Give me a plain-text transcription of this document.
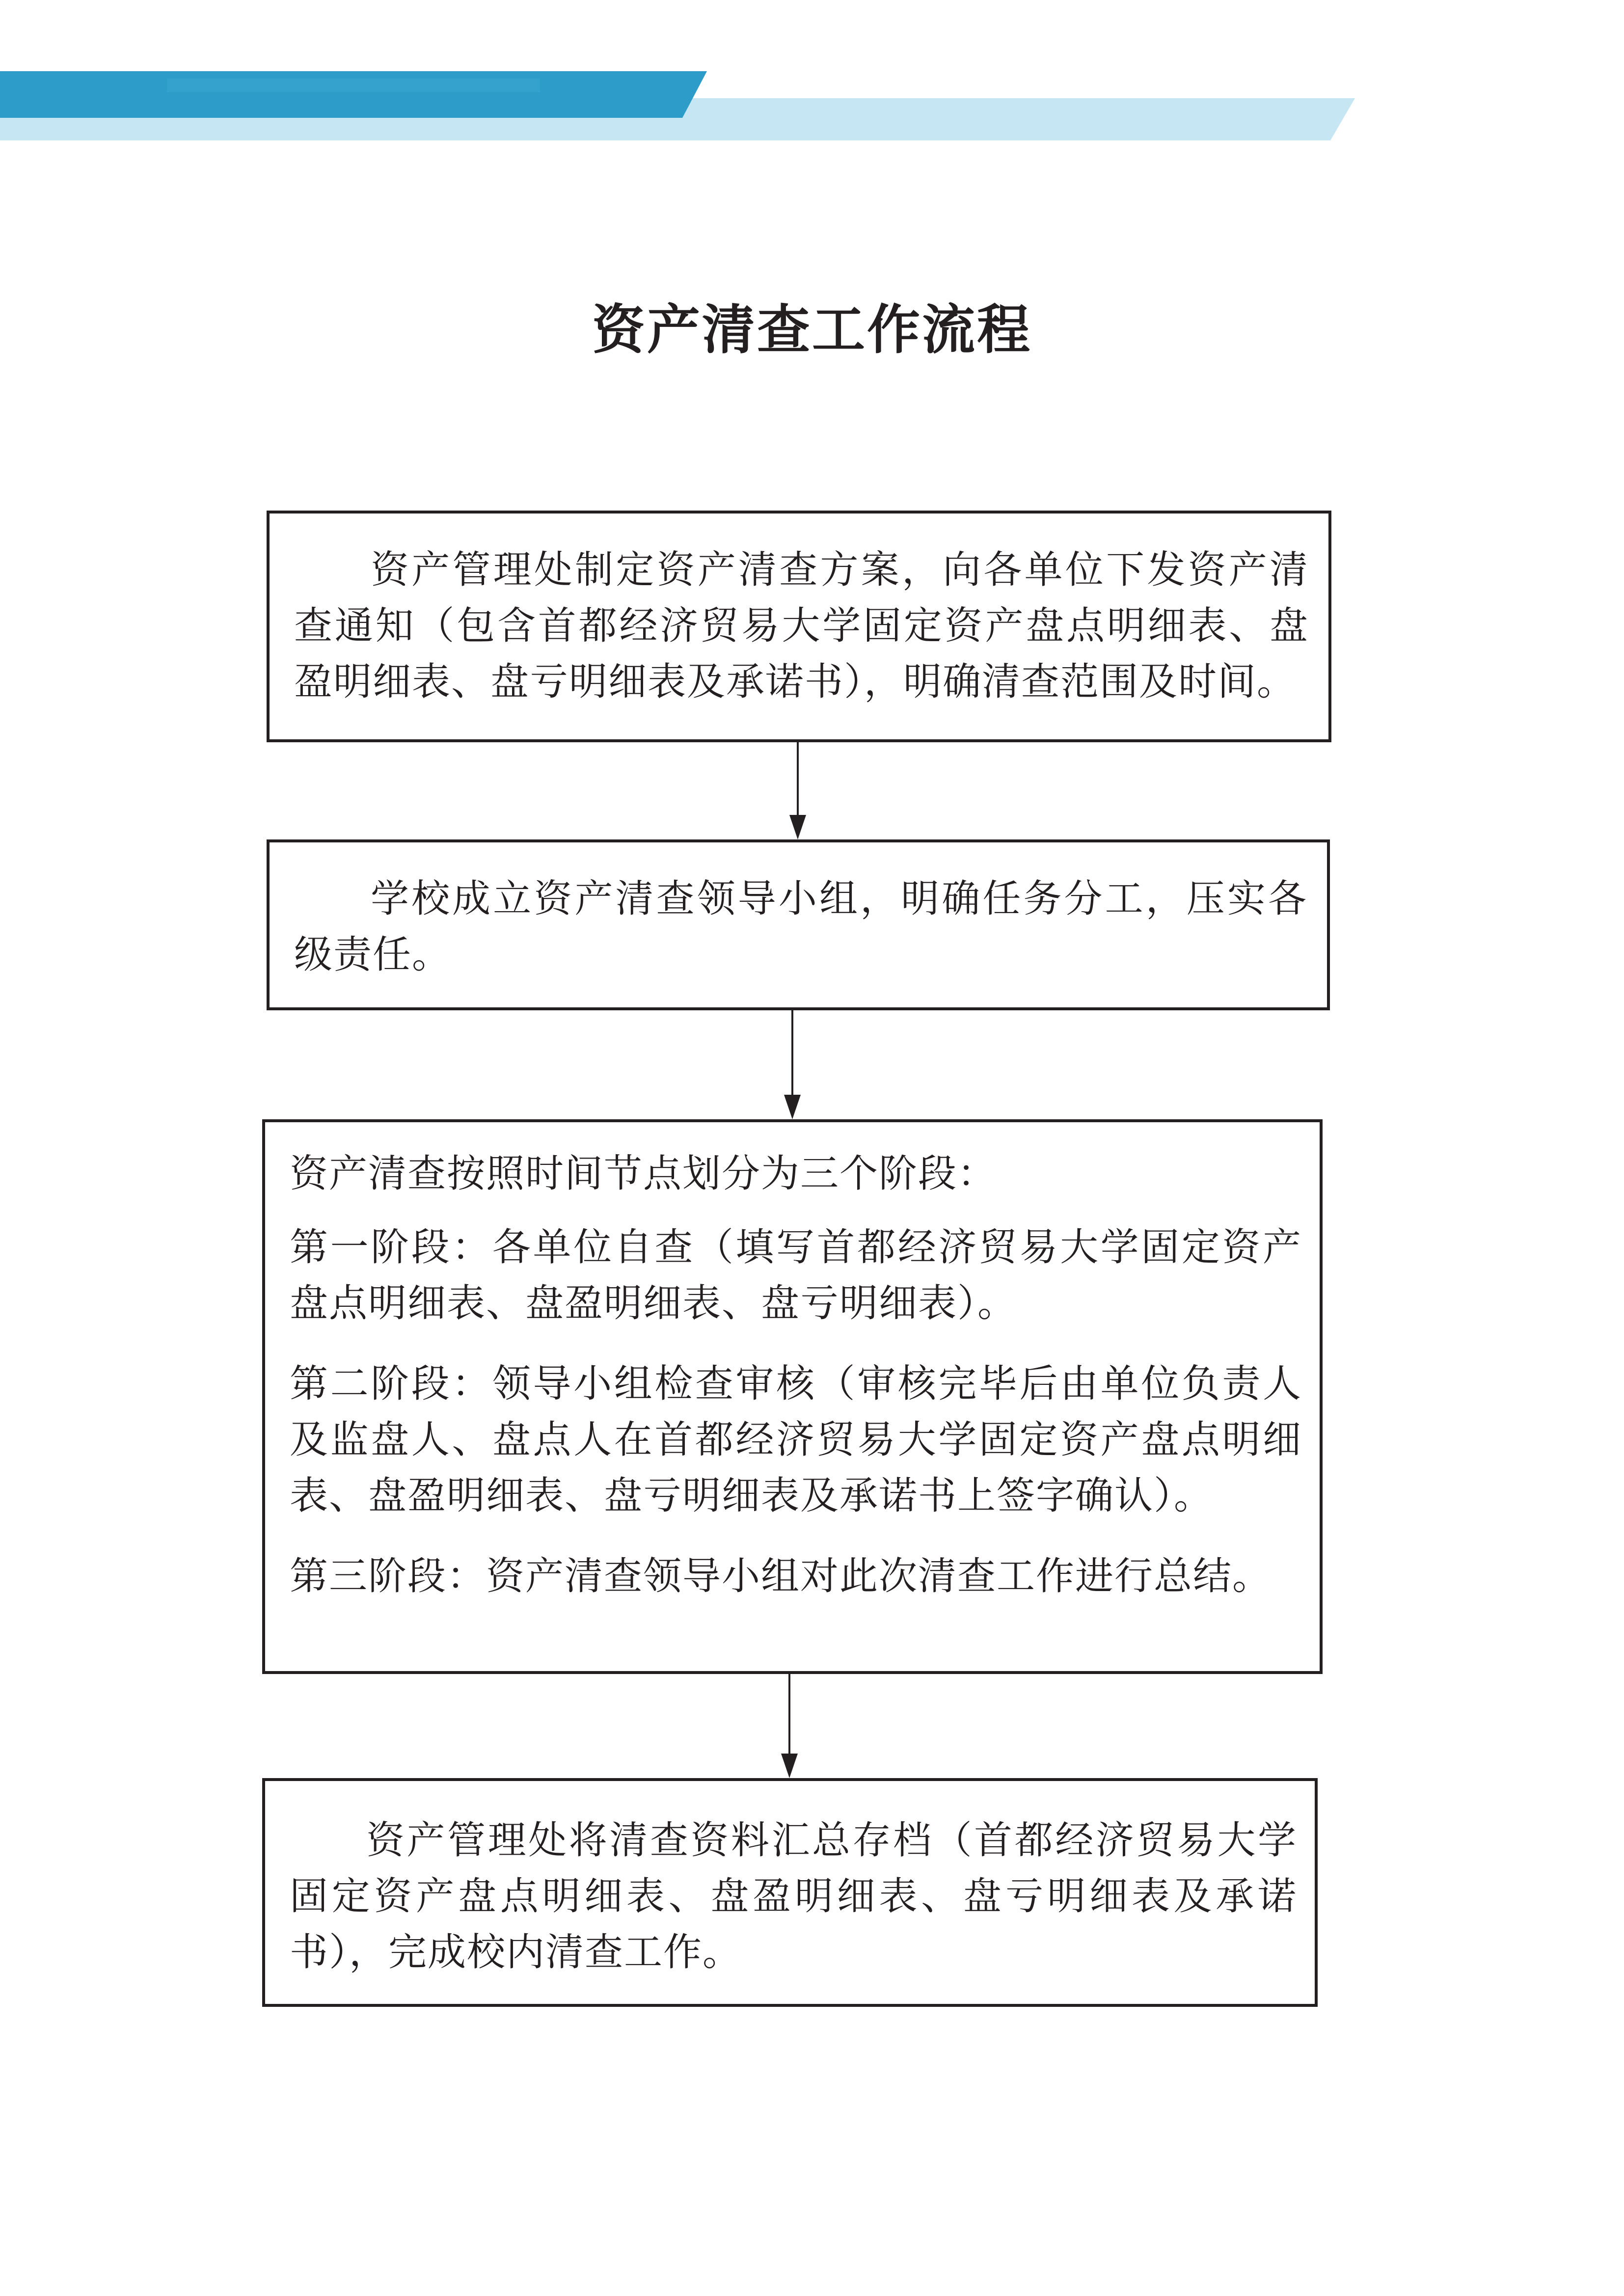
资产清查工作流程

资产管理处制定资产清查方案，向各单位下发资产清查通知（包含首都经济贸易大学固定资产盘点明细表、盘盈明细表、盘亏明细表及承诺书），明确清查范围及时间。

学校成立资产清查领导小组，明确任务分工，压实各级责任。

资产清查按照时间节点划分为三个阶段：

第一阶段：各单位自查（填写首都经济贸易大学固定资产盘点明细表、盘盈明细表、盘亏明细表）。

第二阶段：领导小组检查审核（审核完毕后由单位负责人及监盘人、盘点人在首都经济贸易大学固定资产盘点明细表、盘盈明细表、盘亏明细表及承诺书上签字确认）。

第三阶段：资产清查领导小组对此次清查工作进行总结。

资产管理处将清查资料汇总存档（首都经济贸易大学固定资产盘点明细表、盘盈明细表、盘亏明细表及承诺书），完成校内清查工作。
